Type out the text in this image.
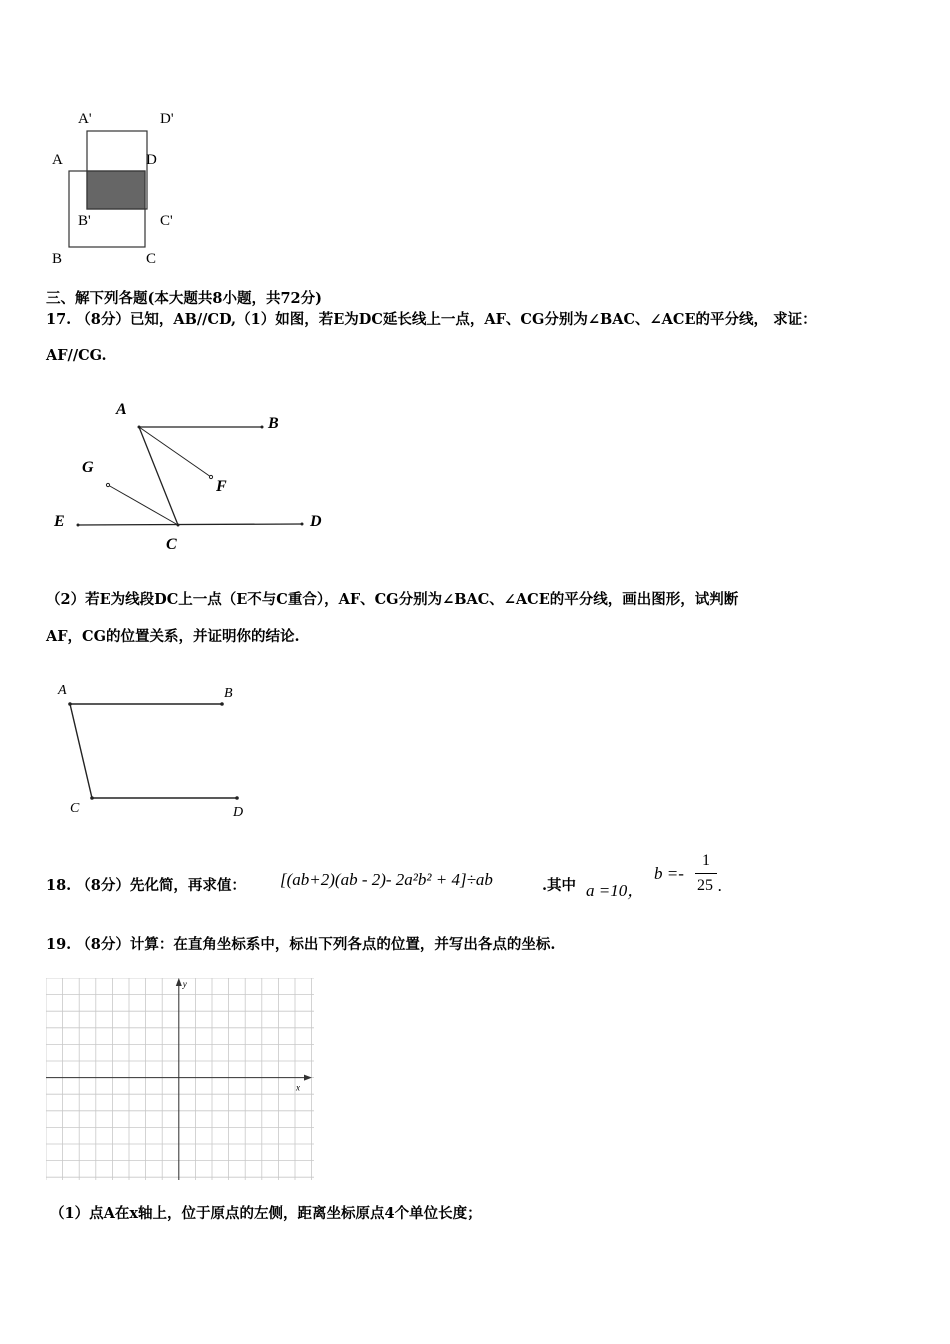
A'	D'
A	D
B'	C'
B	C
三、解下列各题(本大题共8小题，共72分)
17. （8分）已知，AB//CD,（1）如图，若E为DC延长线上一点，AF、CG分别为∠BAC、∠ACE的平分线， 求证：
AF//CG.
A
B
G
F
E
C
D
（2）若E为线段DC上一点（E不与C重合），AF、CG分别为∠BAC、∠ACE的平分线，画出图形，试判断
AF，CG的位置关系，并证明你的结论.
A	B
C	D
18. （8分）先化简，再求值： [(ab+2)(ab - 2)- 2a²b² + 4]÷ab	.其中 a =10，
b =-
1
25 .
19. （8分）计算：在直角坐标系中，标出下列各点的位置，并写出各点的坐标.
x
y
（1）点A在x轴上，位于原点的左侧，距离坐标原点4个单位长度；
